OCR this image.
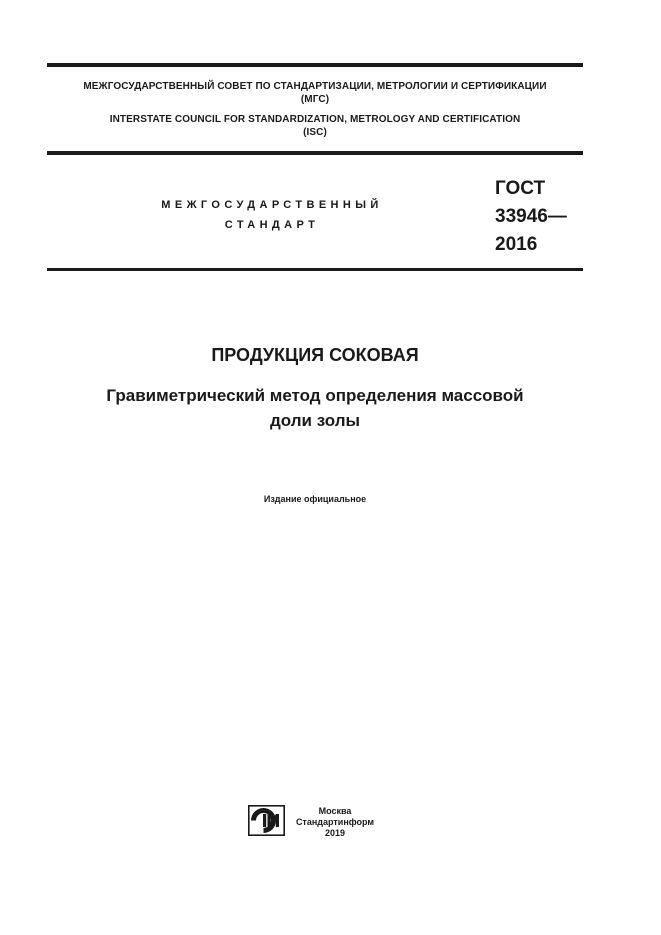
МЕЖГОСУДАРСТВЕННЫЙ СОВЕТ ПО СТАНДАРТИЗАЦИИ, МЕТРОЛОГИИ И СЕРТИФИКАЦИИ
(МГС)
INTERSTATE COUNCIL FOR STANDARDIZATION, METROLOGY AND CERTIFICATION
(ISC)
МЕЖГОСУДАРСТВЕННЫЙ
СТАНДАРТ
ГОСТ
33946—
2016
ПРОДУКЦИЯ СОКОВАЯ
Гравиметрический метод определения массовой
доли золы
Издание официальное
Москва
Стандартинформ
2019
